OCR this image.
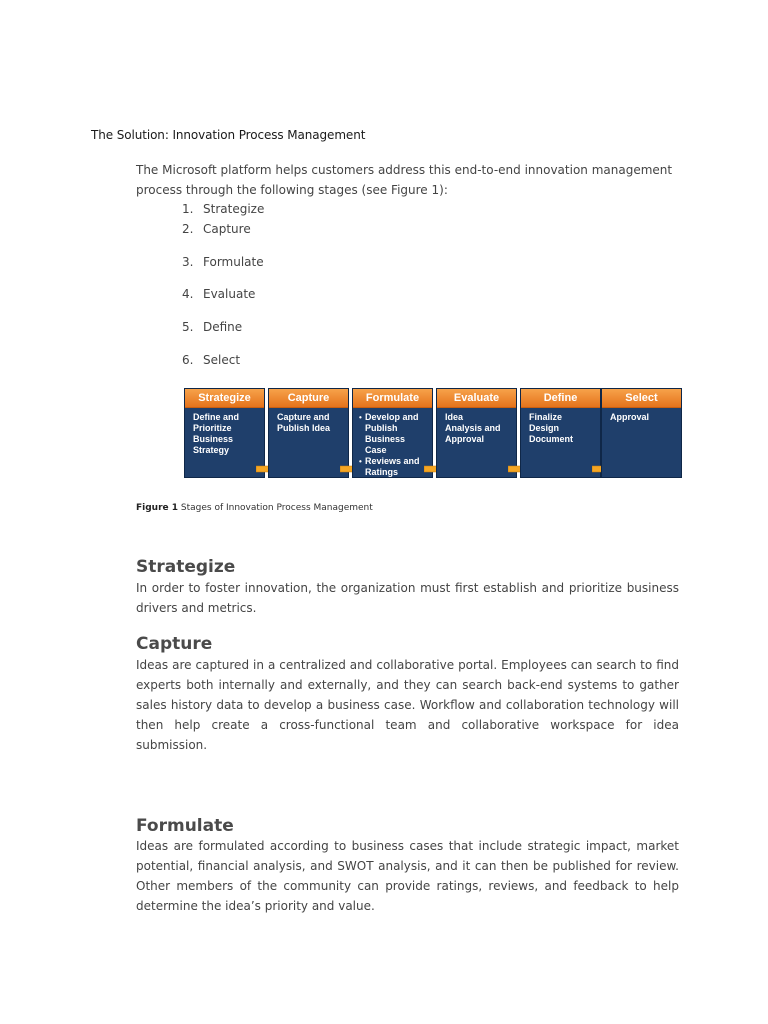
The Solution: Innovation Process Management
The Microsoft platform helps customers address this end-to-end innovation management process through the following stages (see Figure 1):
1. Strategize
2. Capture
3. Formulate
4. Evaluate
5. Define
6. Select
Strategize
Define and
Prioritize
Business
Strategy
Capture
Capture and
Publish Idea
Formulate
• Develop and
Publish
Business Case
• Reviews and
Ratings
Evaluate
Idea
Analysis and
Approval
Define
Finalize
Design
Document
Select
Approval
Figure 1 Stages of Innovation Process Management
Strategize
In order to foster innovation, the organization must first establish and prioritize business drivers and metrics.
Capture
Ideas are captured in a centralized and collaborative portal. Employees can search to find experts both internally and externally, and they can search back-end systems to gather sales history data to develop a business case. Workflow and collaboration technology will then help create a cross-functional team and collaborative workspace for idea submission.
Formulate
Ideas are formulated according to business cases that include strategic impact, market potential, financial analysis, and SWOT analysis, and it can then be published for review. Other members of the community can provide ratings, reviews, and feedback to help determine the idea’s priority and value.
